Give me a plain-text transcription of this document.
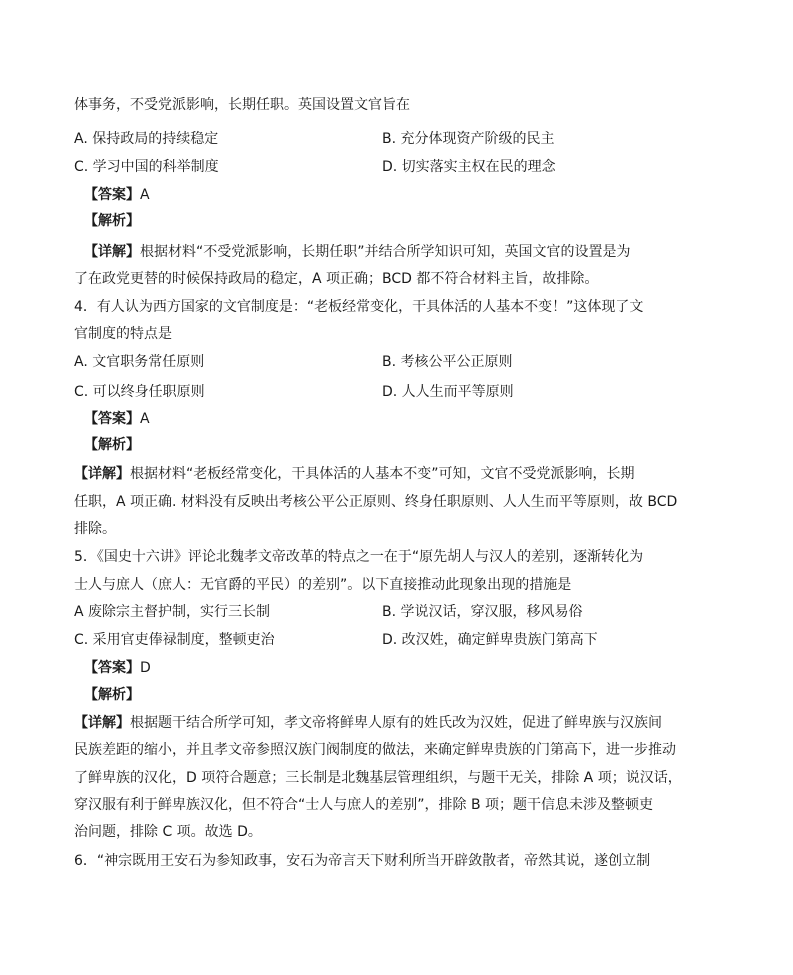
体事务，不受党派影响，长期任职。英国设置文官旨在
A. 保持政局的持续稳定	B. 充分体现资产阶级的民主
C. 学习中国的科举制度	D. 切实落实主权在民的理念
【答案】A
【解析】
【详解】根据材料“不受党派影响，长期任职”并结合所学知识可知，英国文官的设置是为
了在政党更替的时候保持政局的稳定，A 项正确；BCD 都不符合材料主旨，故排除。
4．有人认为西方国家的文官制度是：“老板经常变化，干具体活的人基本不变！”这体现了文
官制度的特点是
A. 文官职务常任原则	B. 考核公平公正原则
C. 可以终身任职原则	D. 人人生而平等原则
【答案】A
【解析】
【详解】根据材料“老板经常变化，干具体活的人基本不变”可知，文官不受党派影响，长期
任职，A 项正确. 材料没有反映出考核公平公正原则、终身任职原则、人人生而平等原则，故 BCD
排除。
5．《国史十六讲》评论北魏孝文帝改革的特点之一在于“原先胡人与汉人的差别，逐渐转化为
士人与庶人（庶人：无官爵的平民）的差别”。以下直接推动此现象出现的措施是
A 废除宗主督护制，实行三长制	B. 学说汉话，穿汉服，移风易俗
C. 采用官吏俸禄制度，整顿吏治	D. 改汉姓，确定鲜卑贵族门第高下
【答案】D
【解析】
【详解】根据题干结合所学可知，孝文帝将鲜卑人原有的姓氏改为汉姓，促进了鲜卑族与汉族间
民族差距的缩小，并且孝文帝参照汉族门阀制度的做法，来确定鲜卑贵族的门第高下，进一步推动
了鲜卑族的汉化，D 项符合题意；三长制是北魏基层管理组织，与题干无关，排除 A 项；说汉话，
穿汉服有利于鲜卑族汉化，但不符合“士人与庶人的差别”，排除 B 项；题干信息未涉及整顿吏
治问题，排除 C 项。故选 D。
6．“神宗既用王安石为参知政事，安石为帝言天下财利所当开辟敛散者，帝然其说，遂创立制
